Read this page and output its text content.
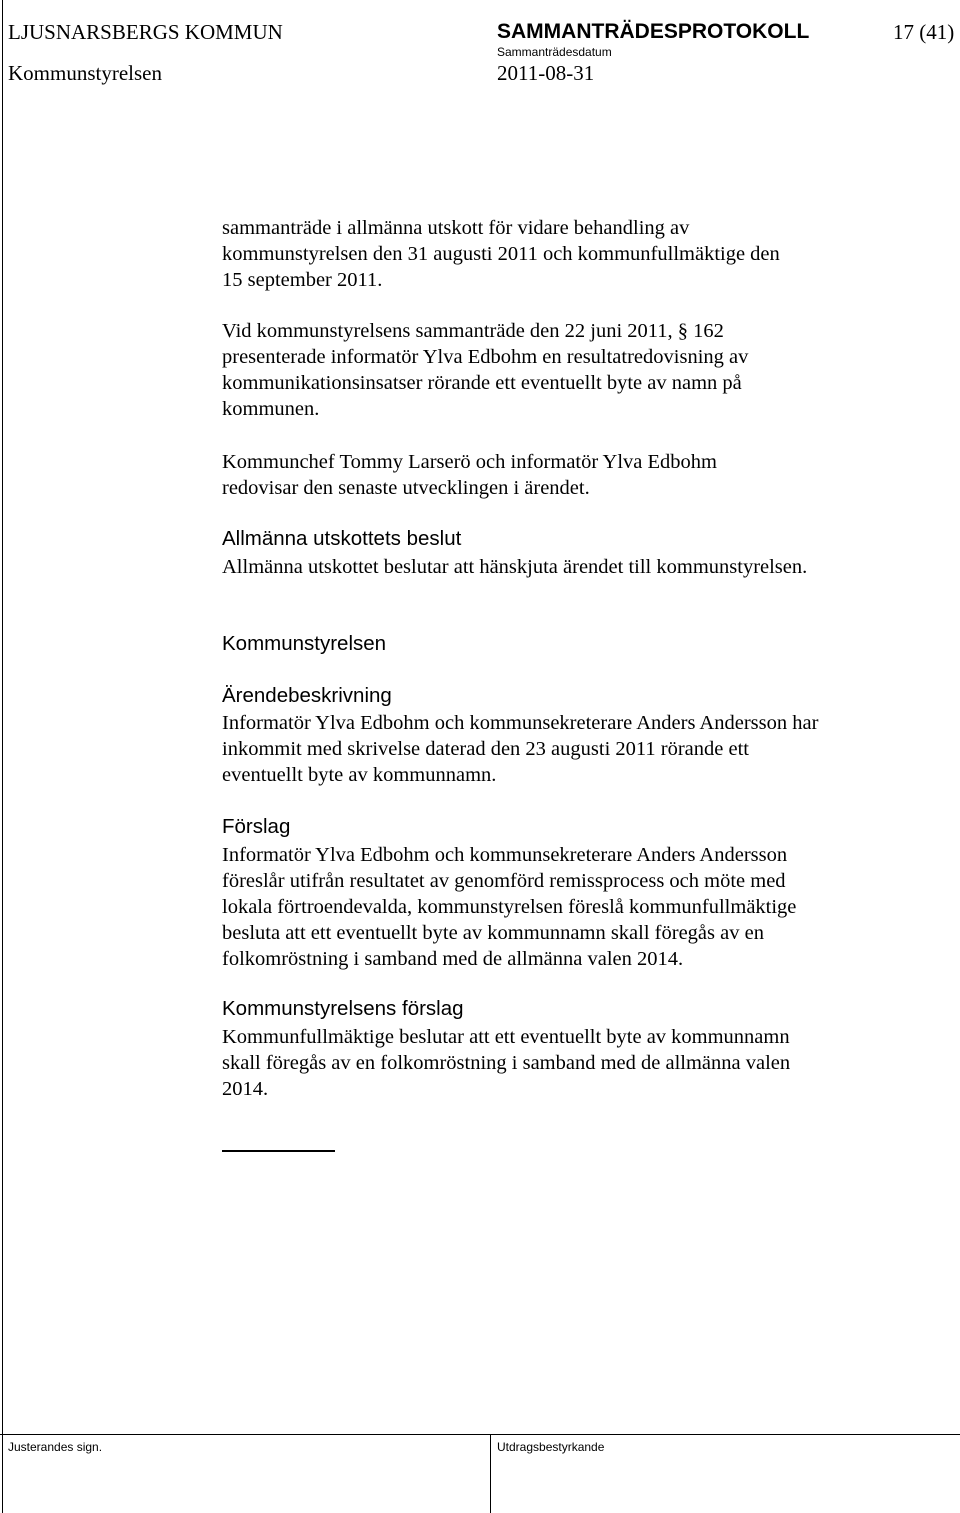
LJUSNARSBERGS KOMMUN	SAMMANTRÄDESPROTOKOLL	17 (41)
Sammanträdesdatum
Kommunstyrelsen	2011-08-31
sammanträde i allmänna utskott för vidare behandling av
kommunstyrelsen den 31 augusti 2011 och kommunfullmäktige den
15 september 2011.
Vid kommunstyrelsens sammanträde den 22 juni 2011, § 162
presenterade informatör Ylva Edbohm en resultatredovisning av
kommunikationsinsatser rörande ett eventuellt byte av namn på
kommunen.
Kommunchef Tommy Larserö och informatör Ylva Edbohm
redovisar den senaste utvecklingen i ärendet.
Allmänna utskottets beslut
Allmänna utskottet beslutar att hänskjuta ärendet till kommunstyrelsen.
Kommunstyrelsen
Ärendebeskrivning
Informatör Ylva Edbohm och kommunsekreterare Anders Andersson har
inkommit med skrivelse daterad den 23 augusti 2011 rörande ett
eventuellt byte av kommunnamn.
Förslag
Informatör Ylva Edbohm och kommunsekreterare Anders Andersson
föreslår utifrån resultatet av genomförd remissprocess och möte med
lokala förtroendevalda, kommunstyrelsen föreslå kommunfullmäktige
besluta att ett eventuellt byte av kommunnamn skall föregås av en
folkomröstning i samband med de allmänna valen 2014.
Kommunstyrelsens förslag
Kommunfullmäktige beslutar att ett eventuellt byte av kommunnamn
skall föregås av en folkomröstning i samband med de allmänna valen
2014.
Justerandes sign.	Utdragsbestyrkande
